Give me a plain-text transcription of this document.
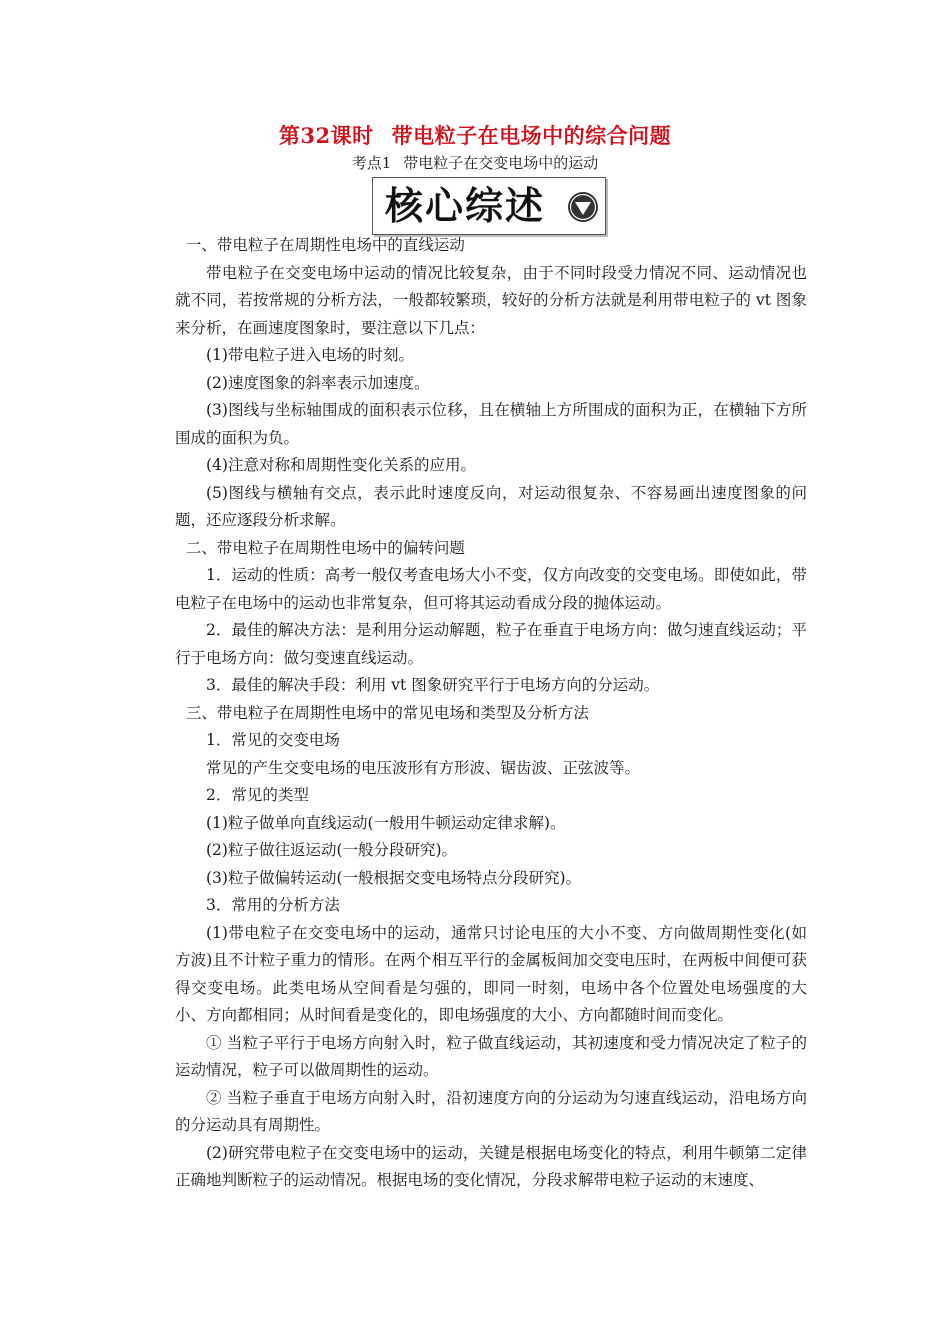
第32课时 带电粒子在电场中的综合问题
考点1 带电粒子在交变电场中的运动
核心综述

一、带电粒子在周期性电场中的直线运动

带电粒子在交变电场中运动的情况比较复杂，由于不同时段受力情况不同、运动情况也就不同，若按常规的分析方法，一般都较繁琐，较好的分析方法就是利用带电粒子的 vt 图象来分析，在画速度图象时，要注意以下几点：

(1)带电粒子进入电场的时刻。

(2)速度图象的斜率表示加速度。

(3)图线与坐标轴围成的面积表示位移，且在横轴上方所围成的面积为正，在横轴下方所围成的面积为负。

(4)注意对称和周期性变化关系的应用。

(5)图线与横轴有交点，表示此时速度反向，对运动很复杂、不容易画出速度图象的问题，还应逐段分析求解。

二、带电粒子在周期性电场中的偏转问题

1．运动的性质：高考一般仅考查电场大小不变，仅方向改变的交变电场。即使如此，带电粒子在电场中的运动也非常复杂，但可将其运动看成分段的抛体运动。

2．最佳的解决方法：是利用分运动解题，粒子在垂直于电场方向：做匀速直线运动；平行于电场方向：做匀变速直线运动。

3．最佳的解决手段：利用 vt 图象研究平行于电场方向的分运动。

三、带电粒子在周期性电场中的常见电场和类型及分析方法

1．常见的交变电场

常见的产生交变电场的电压波形有方形波、锯齿波、正弦波等。

2．常见的类型

(1)粒子做单向直线运动(一般用牛顿运动定律求解)。

(2)粒子做往返运动(一般分段研究)。

(3)粒子做偏转运动(一般根据交变电场特点分段研究)。

3．常用的分析方法

(1)带电粒子在交变电场中的运动，通常只讨论电压的大小不变、方向做周期性变化(如方波)且不计粒子重力的情形。在两个相互平行的金属板间加交变电压时，在两板中间便可获得交变电场。此类电场从空间看是匀强的，即同一时刻，电场中各个位置处电场强度的大小、方向都相同；从时间看是变化的，即电场强度的大小、方向都随时间而变化。

① 当粒子平行于电场方向射入时，粒子做直线运动，其初速度和受力情况决定了粒子的运动情况，粒子可以做周期性的运动。

② 当粒子垂直于电场方向射入时，沿初速度方向的分运动为匀速直线运动，沿电场方向的分运动具有周期性。

(2)研究带电粒子在交变电场中的运动，关键是根据电场变化的特点，利用牛顿第二定律正确地判断粒子的运动情况。根据电场的变化情况，分段求解带电粒子运动的末速度、
